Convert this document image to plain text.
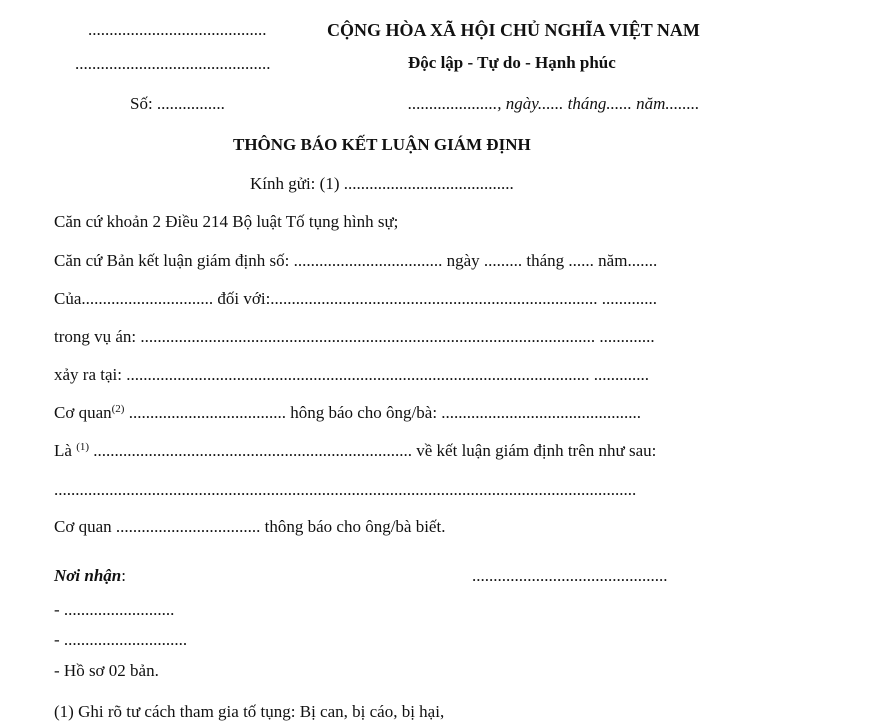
..........................................	CỘNG HÒA XÃ HỘI CHỦ NGHĨA VIỆT NAM
..............................................	Độc lập - Tự do - Hạnh phúc
Số: ................	....................., ngày...... tháng...... năm........
THÔNG BÁO KẾT LUẬN GIÁM ĐỊNH
Kính gửi: (1) ........................................
Căn cứ khoản 2 Điều 214 Bộ luật Tố tụng hình sự;
Căn cứ Bản kết luận giám định số: ................................... ngày ......... tháng ...... năm.......
Của............................... đối với:............................................................................. .............
trong vụ án: ........................................................................................................... .............
xảy ra tại: ............................................................................................................. .............
Cơ quan$^{(2)}$ ..................................... hông báo cho ông/bà: ...............................................
Là $^{(1)}$ ........................................................................... về kết luận giám định trên như sau:
.........................................................................................................................................
Cơ quan .................................. thông báo cho ông/bà biết.
Nơi nhận:	..............................................
- ..........................
- .............................
- Hồ sơ 02 bản.
(1) Ghi rõ tư cách tham gia tố tụng: Bị can, bị cáo, bị hại,
